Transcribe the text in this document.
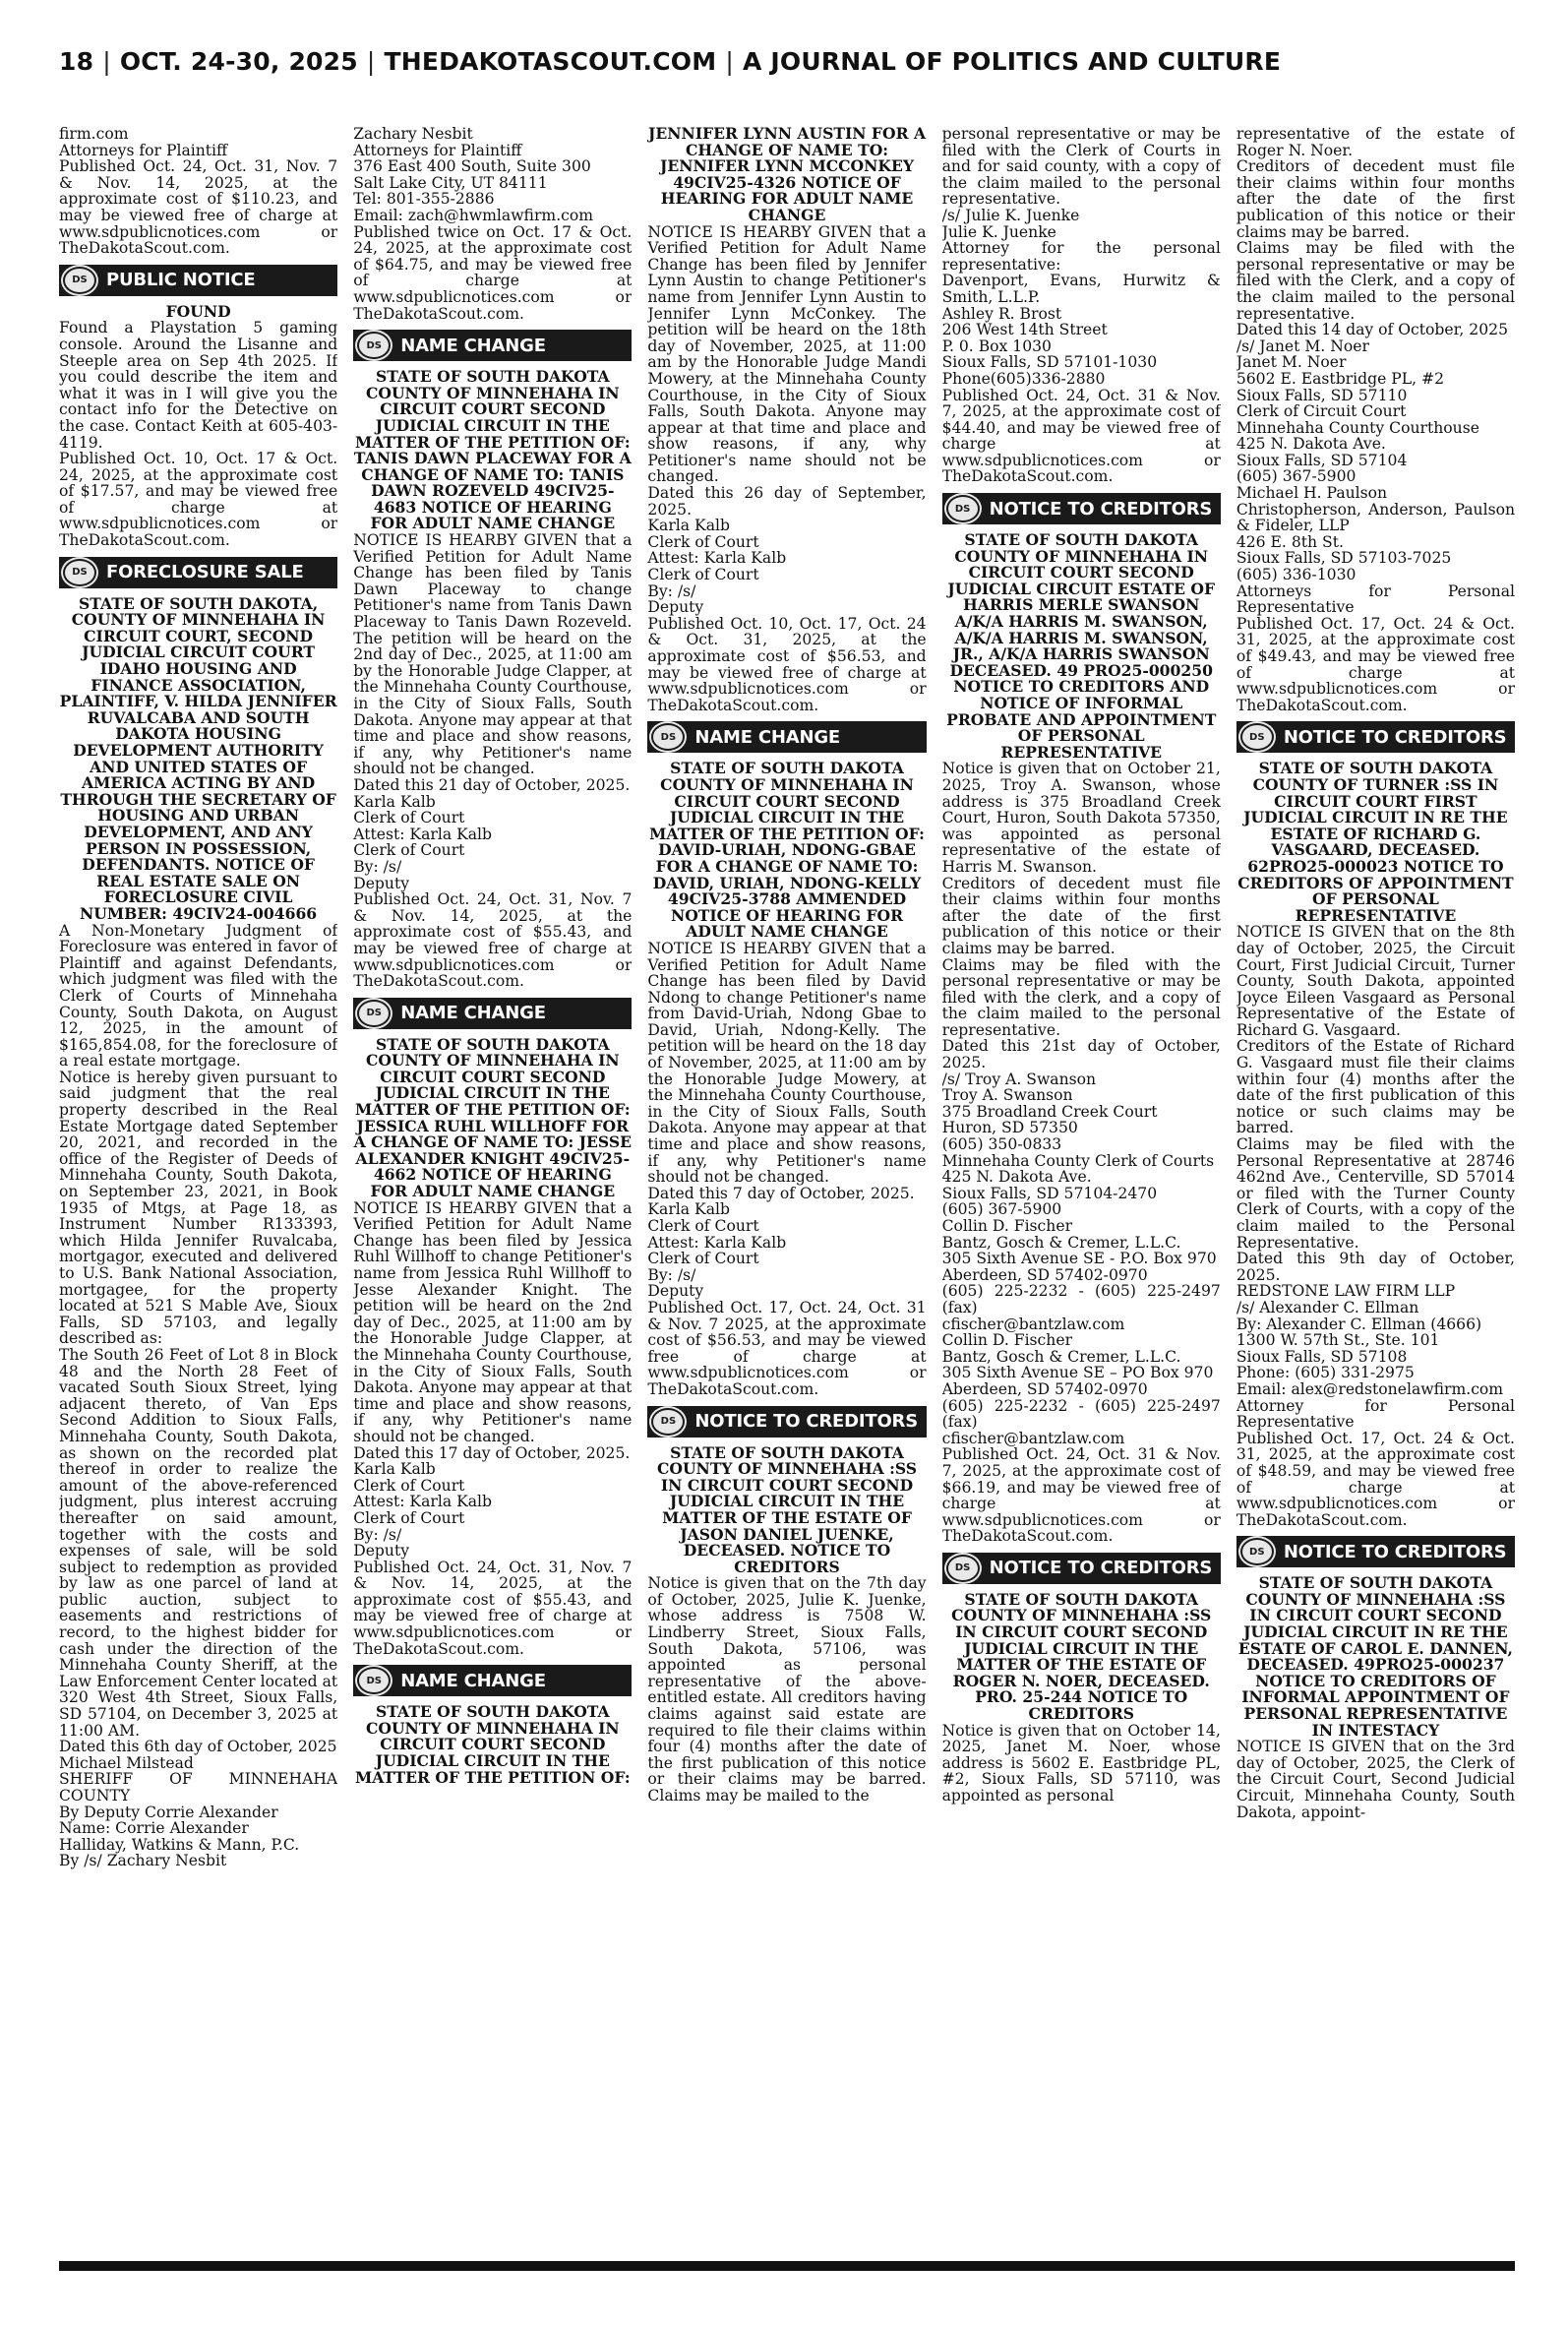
18 | OCT. 24-30, 2025 | THEDAKOTASCOUT.COM | A JOURNAL OF POLITICS AND CULTURE

firm.com

Attorneys for Plaintiff

Published Oct. 24, Oct. 31, Nov. 7 & Nov. 14, 2025, at the approximate cost of $110.23, and may be viewed free of charge at www.sdpublicnotices.com or TheDakotaScout.com.

DS	PUBLIC NOTICE

FOUND

Found a Playstation 5 gaming console. Around the Lisanne and Steeple area on Sep 4th 2025. If you could describe the item and what it was in I will give you the contact info for the Detective on the case. Contact Keith at 605-403-4119.

Published Oct. 10, Oct. 17 & Oct. 24, 2025, at the approximate cost of $17.57, and may be viewed free of charge at www.sdpublicnotices.com or TheDakotaScout.com.

DS	FORECLOSURE SALE

STATE OF SOUTH DAKOTA, COUNTY OF MINNEHAHA IN CIRCUIT COURT, SECOND JUDICIAL CIRCUIT COURT IDAHO HOUSING AND FINANCE ASSOCIATION, PLAINTIFF, V. HILDA JENNIFER RUVALCABA AND SOUTH DAKOTA HOUSING DEVELOPMENT AUTHORITY AND UNITED STATES OF AMERICA ACTING BY AND THROUGH THE SECRETARY OF HOUSING AND URBAN DEVELOPMENT, AND ANY PERSON IN POSSESSION, DEFENDANTS. NOTICE OF REAL ESTATE SALE ON FORECLOSURE CIVIL NUMBER: 49CIV24-004666

A Non-Monetary Judgment of Foreclosure was entered in favor of Plaintiff and against Defendants, which judgment was filed with the Clerk of Courts of Minnehaha County, South Dakota, on August 12, 2025, in the amount of $165,854.08, for the foreclosure of a real estate mortgage.

Notice is hereby given pursuant to said judgment that the real property described in the Real Estate Mortgage dated September 20, 2021, and recorded in the office of the Register of Deeds of Minnehaha County, South Dakota, on September 23, 2021, in Book 1935 of Mtgs, at Page 18, as Instrument Number R133393, which Hilda Jennifer Ruvalcaba, mortgagor, executed and delivered to U.S. Bank National Association, mortgagee, for the property located at 521 S Mable Ave, Sioux Falls, SD 57103, and legally described as:

The South 26 Feet of Lot 8 in Block 48 and the North 28 Feet of vacated South Sioux Street, lying adjacent thereto, of Van Eps Second Addition to Sioux Falls, Minnehaha County, South Dakota, as shown on the recorded plat thereof in order to realize the amount of the above-referenced judgment, plus interest accruing thereafter on said amount, together with the costs and expenses of sale, will be sold subject to redemption as provided by law as one parcel of land at public auction, subject to easements and restrictions of record, to the highest bidder for cash under the direction of the Minnehaha County Sheriff, at the Law Enforcement Center located at 320 West 4th Street, Sioux Falls, SD 57104, on December 3, 2025 at 11:00 AM.

Dated this 6th day of October, 2025

Michael Milstead

SHERIFF OF MINNEHAHA COUNTY

By Deputy Corrie Alexander

Name: Corrie Alexander

Halliday, Watkins & Mann, P.C.

By /s/ Zachary Nesbit

Zachary Nesbit

Attorneys for Plaintiff

376 East 400 South, Suite 300

Salt Lake City, UT 84111

Tel: 801-355-2886

Email: zach@hwmlawfirm.com

Published twice on Oct. 17 & Oct. 24, 2025, at the approximate cost of $64.75, and may be viewed free of charge at www.sdpublicnotices.com or TheDakotaScout.com.

DS	NAME CHANGE

STATE OF SOUTH DAKOTA COUNTY OF MINNEHAHA IN CIRCUIT COURT SECOND JUDICIAL CIRCUIT IN THE MATTER OF THE PETITION OF: TANIS DAWN PLACEWAY FOR A CHANGE OF NAME TO: TANIS DAWN ROZEVELD 49CIV25-4683 NOTICE OF HEARING FOR ADULT NAME CHANGE

NOTICE IS HEARBY GIVEN that a Verified Petition for Adult Name Change has been filed by Tanis Dawn Placeway to change Petitioner's name from Tanis Dawn Placeway to Tanis Dawn Rozeveld. The petition will be heard on the 2nd day of Dec., 2025, at 11:00 am by the Honorable Judge Clapper, at the Minnehaha County Courthouse, in the City of Sioux Falls, South Dakota. Anyone may appear at that time and place and show reasons, if any, why Petitioner's name should not be changed.

Dated this 21 day of October, 2025.

Karla Kalb

Clerk of Court

Attest: Karla Kalb

Clerk of Court

By: /s/

Deputy

Published Oct. 24, Oct. 31, Nov. 7 & Nov. 14, 2025, at the approximate cost of $55.43, and may be viewed free of charge at www.sdpublicnotices.com or TheDakotaScout.com.

DS	NAME CHANGE

STATE OF SOUTH DAKOTA COUNTY OF MINNEHAHA IN CIRCUIT COURT SECOND JUDICIAL CIRCUIT IN THE MATTER OF THE PETITION OF: JESSICA RUHL WILLHOFF FOR A CHANGE OF NAME TO: JESSE ALEXANDER KNIGHT 49CIV25-4662 NOTICE OF HEARING FOR ADULT NAME CHANGE

NOTICE IS HEARBY GIVEN that a Verified Petition for Adult Name Change has been filed by Jessica Ruhl Willhoff to change Petitioner's name from Jessica Ruhl Willhoff to Jesse Alexander Knight. The petition will be heard on the 2nd day of Dec., 2025, at 11:00 am by the Honorable Judge Clapper, at the Minnehaha County Courthouse, in the City of Sioux Falls, South Dakota. Anyone may appear at that time and place and show reasons, if any, why Petitioner's name should not be changed.

Dated this 17 day of October, 2025.

Karla Kalb

Clerk of Court

Attest: Karla Kalb

Clerk of Court

By: /s/

Deputy

Published Oct. 24, Oct. 31, Nov. 7 & Nov. 14, 2025, at the approximate cost of $55.43, and may be viewed free of charge at www.sdpublicnotices.com or TheDakotaScout.com.

DS	NAME CHANGE

STATE OF SOUTH DAKOTA COUNTY OF MINNEHAHA IN CIRCUIT COURT SECOND JUDICIAL CIRCUIT IN THE MATTER OF THE PETITION OF:

JENNIFER LYNN AUSTIN FOR A CHANGE OF NAME TO: JENNIFER LYNN MCCONKEY 49CIV25-4326 NOTICE OF HEARING FOR ADULT NAME CHANGE

NOTICE IS HEARBY GIVEN that a Verified Petition for Adult Name Change has been filed by Jennifer Lynn Austin to change Petitioner's name from Jennifer Lynn Austin to Jennifer Lynn McConkey. The petition will be heard on the 18th day of November, 2025, at 11:00 am by the Honorable Judge Mandi Mowery, at the Minnehaha County Courthouse, in the City of Sioux Falls, South Dakota. Anyone may appear at that time and place and show reasons, if any, why Petitioner's name should not be changed.

Dated this 26 day of September, 2025.

Karla Kalb

Clerk of Court

Attest: Karla Kalb

Clerk of Court

By: /s/

Deputy

Published Oct. 10, Oct. 17, Oct. 24 & Oct. 31, 2025, at the approximate cost of $56.53, and may be viewed free of charge at www.sdpublicnotices.com or TheDakotaScout.com.

DS	NAME CHANGE

STATE OF SOUTH DAKOTA COUNTY OF MINNEHAHA IN CIRCUIT COURT SECOND JUDICIAL CIRCUIT IN THE MATTER OF THE PETITION OF: DAVID-URIAH, NDONG-GBAE FOR A CHANGE OF NAME TO: DAVID, URIAH, NDONG-KELLY 49CIV25-3788 AMMENDED NOTICE OF HEARING FOR ADULT NAME CHANGE

NOTICE IS HEARBY GIVEN that a Verified Petition for Adult Name Change has been filed by David Ndong to change Petitioner's name from David-Uriah, Ndong Gbae to David, Uriah, Ndong-Kelly. The petition will be heard on the 18 day of November, 2025, at 11:00 am by the Honorable Judge Mowery, at the Minnehaha County Courthouse, in the City of Sioux Falls, South Dakota. Anyone may appear at that time and place and show reasons, if any, why Petitioner's name should not be changed.

Dated this 7 day of October, 2025.

Karla Kalb

Clerk of Court

Attest: Karla Kalb

Clerk of Court

By: /s/

Deputy

Published Oct. 17, Oct. 24, Oct. 31 & Nov. 7 2025, at the approximate cost of $56.53, and may be viewed free of charge at www.sdpublicnotices.com or TheDakotaScout.com.

DS	NOTICE TO CREDITORS

STATE OF SOUTH DAKOTA COUNTY OF MINNEHAHA :SS IN CIRCUIT COURT SECOND JUDICIAL CIRCUIT IN THE MATTER OF THE ESTATE OF JASON DANIEL JUENKE, DECEASED. NOTICE TO CREDITORS

Notice is given that on the 7th day of October, 2025, Julie K. Juenke, whose address is 7508 W. Lindberry Street, Sioux Falls, South Dakota, 57106, was appointed as personal representative of the above-entitled estate. All creditors having claims against said estate are required to file their claims within four (4) months after the date of the first publication of this notice or their claims may be barred. Claims may be mailed to the

personal representative or may be filed with the Clerk of Courts in and for said county, with a copy of the claim mailed to the personal representative.

/s/ Julie K. Juenke

Julie K. Juenke

Attorney for the personal representative:

Davenport, Evans, Hurwitz & Smith, L.L.P.

Ashley R. Brost

206 West 14th Street

P. 0. Box 1030

Sioux Falls, SD 57101-1030

Phone(605)336-2880

Published Oct. 24, Oct. 31 & Nov. 7, 2025, at the approximate cost of $44.40, and may be viewed free of charge at www.sdpublicnotices.com or TheDakotaScout.com.

DS	NOTICE TO CREDITORS

STATE OF SOUTH DAKOTA COUNTY OF MINNEHAHA IN CIRCUIT COURT SECOND JUDICIAL CIRCUIT ESTATE OF HARRIS MERLE SWANSON A/K/A HARRIS M. SWANSON, A/K/A HARRIS M. SWANSON, JR., A/K/A HARRIS SWANSON DECEASED. 49 PRO25-000250 NOTICE TO CREDITORS AND NOTICE OF INFORMAL PROBATE AND APPOINTMENT OF PERSONAL REPRESENTATIVE

Notice is given that on October 21, 2025, Troy A. Swanson, whose address is 375 Broadland Creek Court, Huron, South Dakota 57350, was appointed as personal representative of the estate of Harris M. Swanson.

Creditors of decedent must file their claims within four months after the date of the first publication of this notice or their claims may be barred.

Claims may be filed with the personal representative or may be filed with the clerk, and a copy of the claim mailed to the personal representative.

Dated this 21st day of October, 2025.

/s/ Troy A. Swanson

Troy A. Swanson

375 Broadland Creek Court

Huron, SD 57350

(605) 350-0833

Minnehaha County Clerk of Courts

425 N. Dakota Ave.

Sioux Falls, SD 57104-2470

(605) 367-5900

Collin D. Fischer

Bantz, Gosch & Cremer, L.L.C.

305 Sixth Avenue SE - P.O. Box 970

Aberdeen, SD 57402-0970

(605) 225-2232 - (605) 225-2497 (fax)

cfischer@bantzlaw.com

Collin D. Fischer

Bantz, Gosch & Cremer, L.L.C.

305 Sixth Avenue SE – PO Box 970

Aberdeen, SD 57402-0970

(605) 225-2232 - (605) 225-2497 (fax)

cfischer@bantzlaw.com

Published Oct. 24, Oct. 31 & Nov. 7, 2025, at the approximate cost of $66.19, and may be viewed free of charge at www.sdpublicnotices.com or TheDakotaScout.com.

DS	NOTICE TO CREDITORS

STATE OF SOUTH DAKOTA COUNTY OF MINNEHAHA :SS IN CIRCUIT COURT SECOND JUDICIAL CIRCUIT IN THE MATTER OF THE ESTATE OF ROGER N. NOER, DECEASED. PRO. 25-244 NOTICE TO CREDITORS

Notice is given that on October 14, 2025, Janet M. Noer, whose address is 5602 E. Eastbridge PL, #2, Sioux Falls, SD 57110, was appointed as personal

representative of the estate of Roger N. Noer.

Creditors of decedent must file their claims within four months after the date of the first publication of this notice or their claims may be barred.

Claims may be filed with the personal representative or may be filed with the Clerk, and a copy of the claim mailed to the personal representative.

Dated this 14 day of October, 2025

/s/ Janet M. Noer

Janet M. Noer

5602 E. Eastbridge PL, #2

Sioux Falls, SD 57110

Clerk of Circuit Court

Minnehaha County Courthouse

425 N. Dakota Ave.

Sioux Falls, SD 57104

(605) 367-5900

Michael H. Paulson

Christopherson, Anderson, Paulson & Fideler, LLP

426 E. 8th St.

Sioux Falls, SD 57103-7025

(605) 336-1030

Attorneys for Personal Representative

Published Oct. 17, Oct. 24 & Oct. 31, 2025, at the approximate cost of $49.43, and may be viewed free of charge at www.sdpublicnotices.com or TheDakotaScout.com.

DS	NOTICE TO CREDITORS

STATE OF SOUTH DAKOTA COUNTY OF TURNER :SS IN CIRCUIT COURT FIRST JUDICIAL CIRCUIT IN RE THE ESTATE OF RICHARD G. VASGAARD, DECEASED. 62PRO25-000023 NOTICE TO CREDITORS OF APPOINTMENT OF PERSONAL REPRESENTATIVE

NOTICE IS GIVEN that on the 8th day of October, 2025, the Circuit Court, First Judicial Circuit, Turner County, South Dakota, appointed Joyce Eileen Vasgaard as Personal Representative of the Estate of Richard G. Vasgaard.

Creditors of the Estate of Richard G. Vasgaard must file their claims within four (4) months after the date of the first publication of this notice or such claims may be barred.

Claims may be filed with the Personal Representative at 28746 462nd Ave., Centerville, SD 57014 or filed with the Turner County Clerk of Courts, with a copy of the claim mailed to the Personal Representative.

Dated this 9th day of October, 2025.

REDSTONE LAW FIRM LLP

/s/ Alexander C. Ellman

By: Alexander C. Ellman (4666)

1300 W. 57th St., Ste. 101

Sioux Falls, SD 57108

Phone: (605) 331-2975

Email: alex@redstonelawfirm.com

Attorney for Personal Representative

Published Oct. 17, Oct. 24 & Oct. 31, 2025, at the approximate cost of $48.59, and may be viewed free of charge at www.sdpublicnotices.com or TheDakotaScout.com.

DS	NOTICE TO CREDITORS

STATE OF SOUTH DAKOTA COUNTY OF MINNEHAHA :SS IN CIRCUIT COURT SECOND JUDICIAL CIRCUIT IN RE THE ESTATE OF CAROL E. DANNEN, DECEASED. 49PRO25-000237 NOTICE TO CREDITORS OF INFORMAL APPOINTMENT OF PERSONAL REPRESENTATIVE IN INTESTACY

NOTICE IS GIVEN that on the 3rd day of October, 2025, the Clerk of the Circuit Court, Second Judicial Circuit, Minnehaha County, South Dakota, appoint-
